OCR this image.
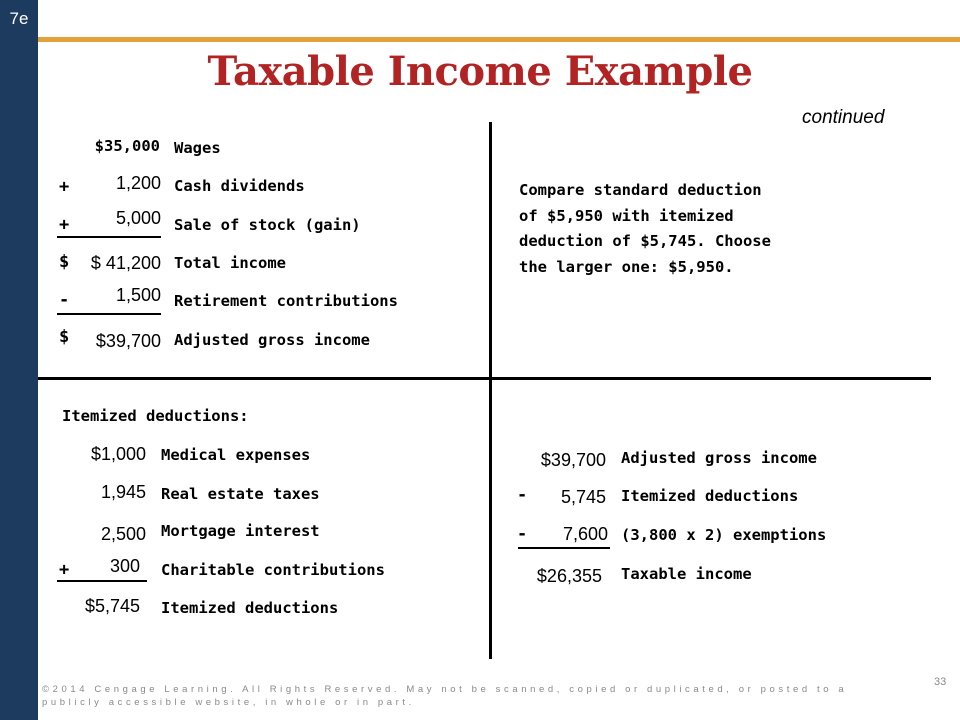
7e
Taxable Income Example
continued
$35,000 Wages
+	1,200 Cash dividends
+	5,000 Sale of stock (gain)
$	$ 41,200 Total income
-	1,500 Retirement contributions
$	$39,700 Adjusted gross income
Compare standard deduction
of $5,950 with itemized
deduction of $5,745. Choose
the larger one: $5,950.
Itemized deductions:
$1,000 Medical expenses
1,945 Real estate taxes
2,500 Mortgage interest
+	300 Charitable contributions
$5,745 Itemized deductions
$39,700 Adjusted gross income
-	5,745 Itemized deductions
-	7,600 (3,800 x 2) exemptions
$26,355 Taxable income
33
©2014 Cengage Learning. All Rights Reserved. May not be scanned, copied or duplicated, or posted to a publicly accessible website, in whole or in part.
